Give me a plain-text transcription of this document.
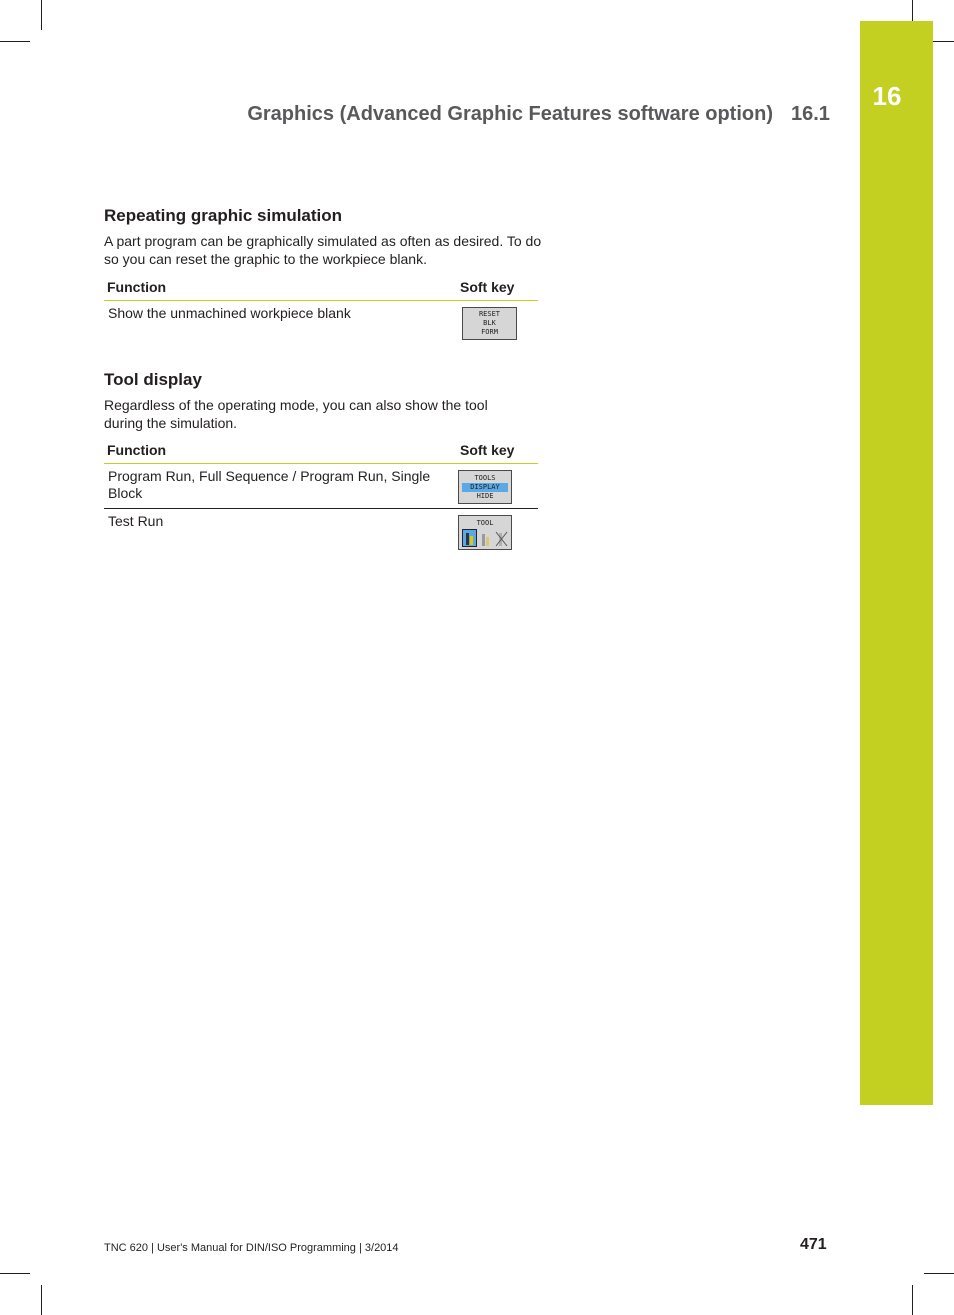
16
Graphics (Advanced Graphic Features software option) 16.1
Repeating graphic simulation
A part program can be graphically simulated as often as desired. To do so you can reset the graphic to the workpiece blank.
Function	Soft key
Show the unmachined workpiece blank	RESET
BLK
FORM
Tool display
Regardless of the operating mode, you can also show the tool during the simulation.
Function	Soft key
Program Run, Full Sequence / Program Run, Single Block	TOOLS
DISPLAY
HIDE

Test Run	TOOL
TNC 620 | User's Manual for DIN/ISO Programming | 3/2014	471
